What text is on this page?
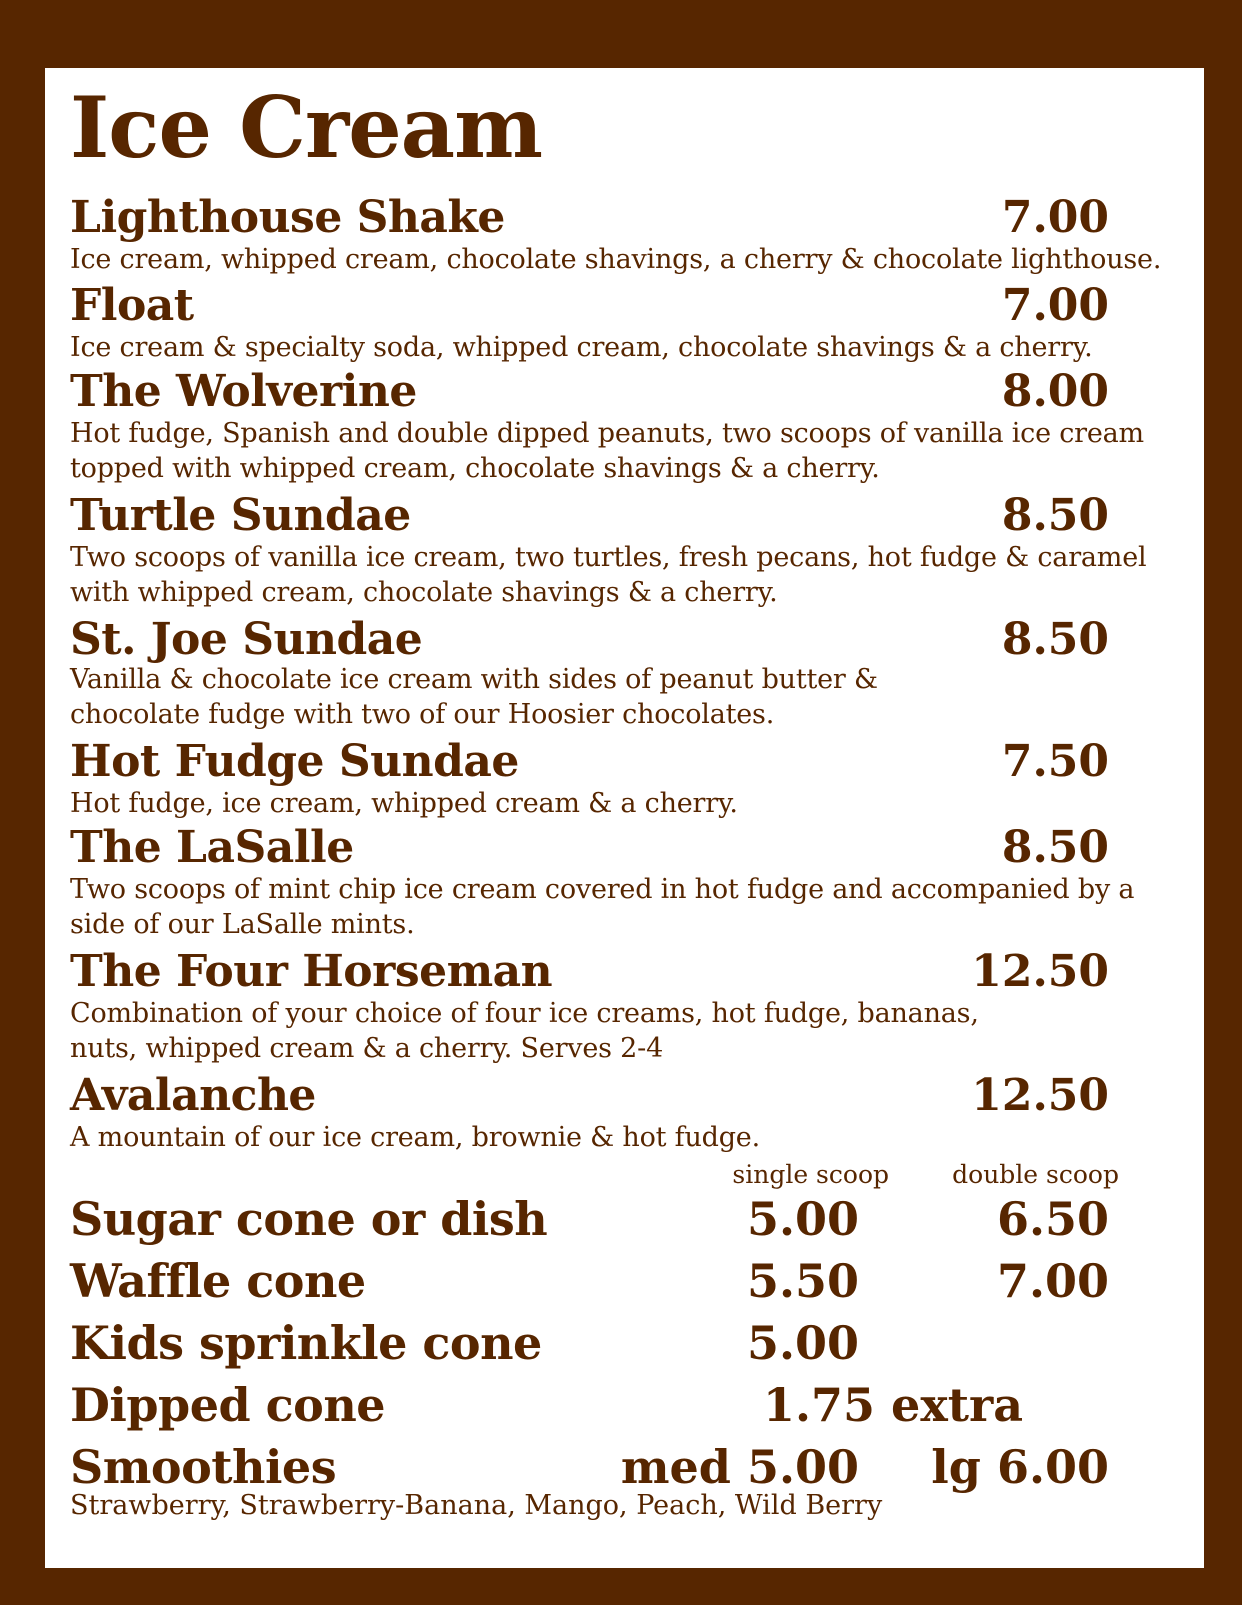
Ice Cream
Lighthouse Shake	7.00
Ice cream, whipped cream, chocolate shavings, a cherry & chocolate lighthouse.
Float	7.00
Ice cream & specialty soda, whipped cream, chocolate shavings & a cherry.
The Wolverine	8.00
Hot fudge, Spanish and double dipped peanuts, two scoops of vanilla ice cream topped with whipped cream, chocolate shavings & a cherry.
Turtle Sundae	8.50
Two scoops of vanilla ice cream, two turtles, fresh pecans, hot fudge & caramel with whipped cream, chocolate shavings & a cherry.
St. Joe Sundae	8.50
Vanilla & chocolate ice cream with sides of peanut butter & chocolate fudge with two of our Hoosier chocolates.
Hot Fudge Sundae	7.50
Hot fudge, ice cream, whipped cream & a cherry.
The LaSalle	8.50
Two scoops of mint chip ice cream covered in hot fudge and accompanied by a side of our LaSalle mints.
The Four Horseman	12.50
Combination of your choice of four ice creams, hot fudge, bananas, nuts, whipped cream & a cherry. Serves 2-4
Avalanche	12.50
A mountain of our ice cream, brownie & hot fudge.
single scoop	double scoop
Sugar cone or dish	5.00	6.50
Waffle cone	5.50	7.00
Kids sprinkle cone	5.00
Dipped cone	1.75 extra
Smoothies	med 5.00 lg 6.00
Strawberry, Strawberry-Banana, Mango, Peach, Wild Berry
